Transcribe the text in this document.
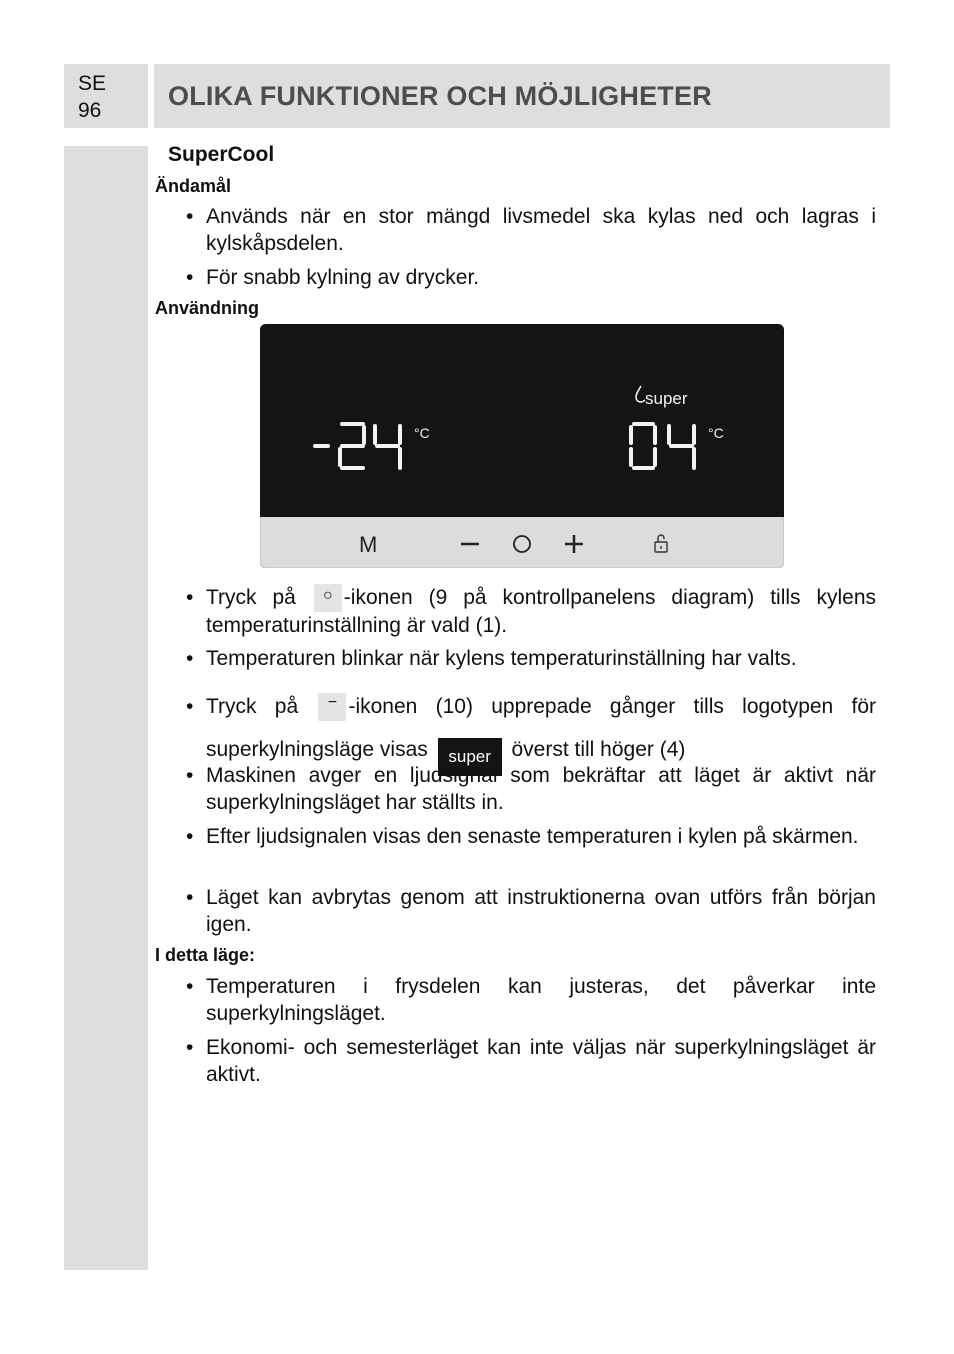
SE
96 OLIKA FUNKTIONER OCH MÖJLIGHETER
SuperCool
Ändamål
• Används när en stor mängd livsmedel ska kylas ned och lagras i kylskåpsdelen.
• För snabb kylning av drycker.
Användning
°C	°C
super
M
• Tryck på ○ -ikonen (9 på kontrollpanelens diagram) tills kylens temperaturinställning är vald (1).
• Temperaturen blinkar när kylens temperaturinställning har valts.
• Tryck på − -ikonen (10) upprepade gånger tills logotypen för superkylningsläge visas super överst till höger (4)
• Maskinen avger en ljudsignal som bekräftar att läget är aktivt när superkylningsläget har ställts in.
• Efter ljudsignalen visas den senaste temperaturen i kylen på skärmen.
• Läget kan avbrytas genom att instruktionerna ovan utförs från början igen.
I detta läge:
• Temperaturen i frysdelen kan justeras, det påverkar inte superkylningsläget.
• Ekonomi- och semesterläget kan inte väljas när superkylningsläget är aktivt.
